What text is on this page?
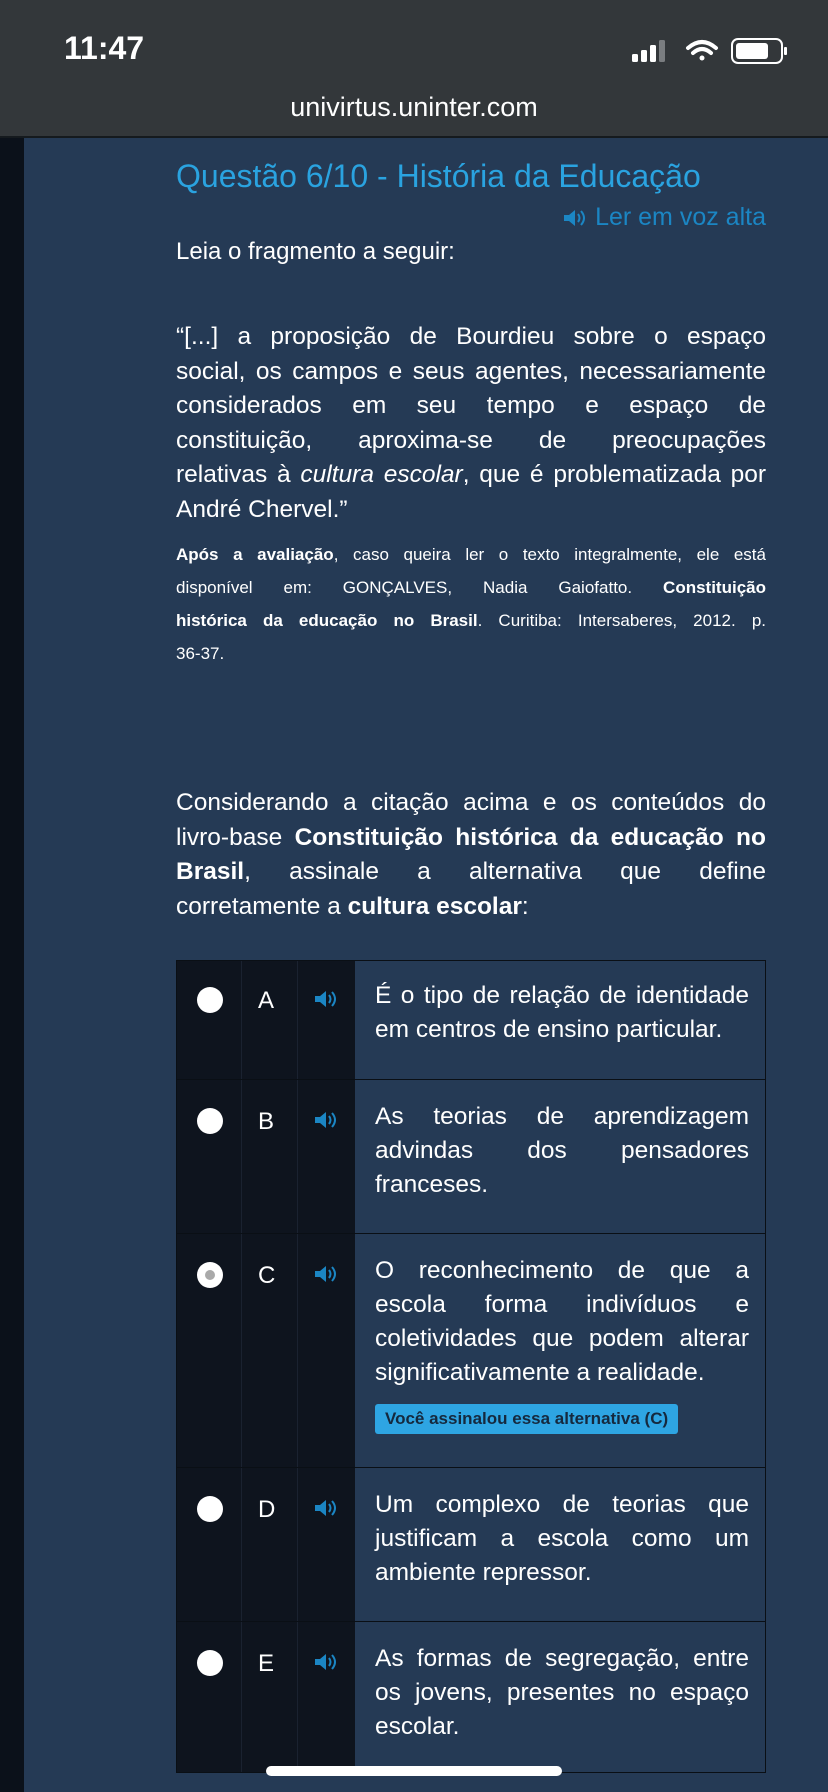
11:47
univirtus.uninter.com
Questão 6/10 - História da Educação
Ler em voz alta
Leia o fragmento a seguir:
“[...] a proposição de Bourdieu sobre o espaço
social, os campos e seus agentes, necessariamente
considerados em seu tempo e espaço de
constituição, aproxima-se de preocupações
relativas à cultura escolar, que é problematizada por
André Chervel.”
Após a avaliação, caso queira ler o texto integralmente, ele está
disponível em: GONÇALVES, Nadia Gaiofatto. Constituição
histórica da educação no Brasil. Curitiba: Intersaberes, 2012. p.
36-37.
Considerando a citação acima e os conteúdos do
livro-base Constituição histórica da educação no
Brasil, assinale a alternativa que define
corretamente a cultura escolar:
A	É o tipo de relação de identidade em centros de ensino particular.
B	As teorias de aprendizagem advindas dos pensadores franceses.
C	O reconhecimento de que a escola forma indivíduos e coletividades que podem alterar significativamente a realidade.
Você assinalou essa alternativa (C)
D	Um complexo de teorias que justificam a escola como um ambiente repressor.
E	As formas de segregação, entre os jovens, presentes no espaço escolar.
